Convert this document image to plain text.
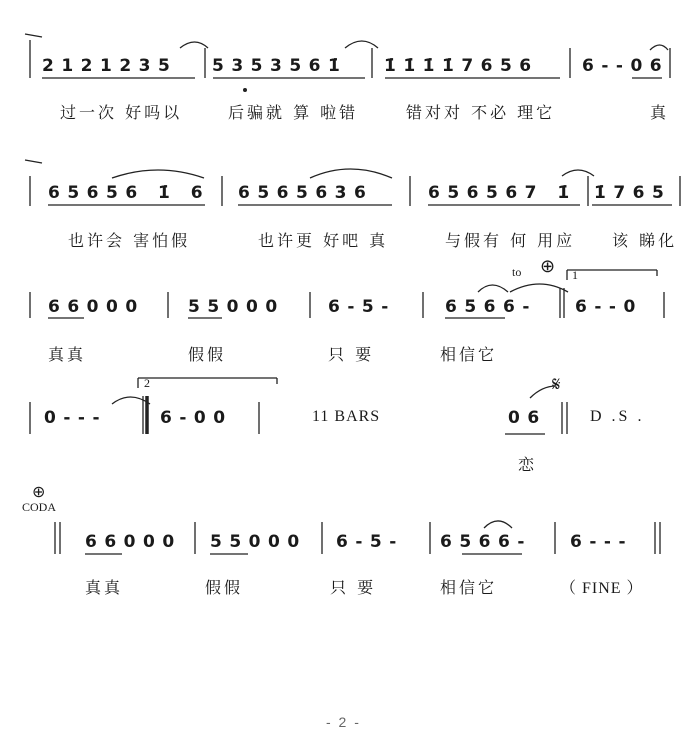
2121235 5353561̇ 1̇1̇1̇1̇7656	6--06
过一次 好吗以	后骗就 算 啦错	错对对 不必 理它	真
65656 1̇ 6 6565636	656567 1̇ 1̇765
也许会 害怕假	也许更 好吧 真	与假有 何 用应 该 睇化
to ⊕ 1
66000	55000	6-5-	6566- 6--0
真真	假假	只 要	相信它
2	𝄋
0---	6-00	11 BARS	06	D .S .
恋
⊕
CODA
66000 55000 6-5- 6566- 6---
真真	假假	只 要	相信它	（ FINE ）
- 2 -
